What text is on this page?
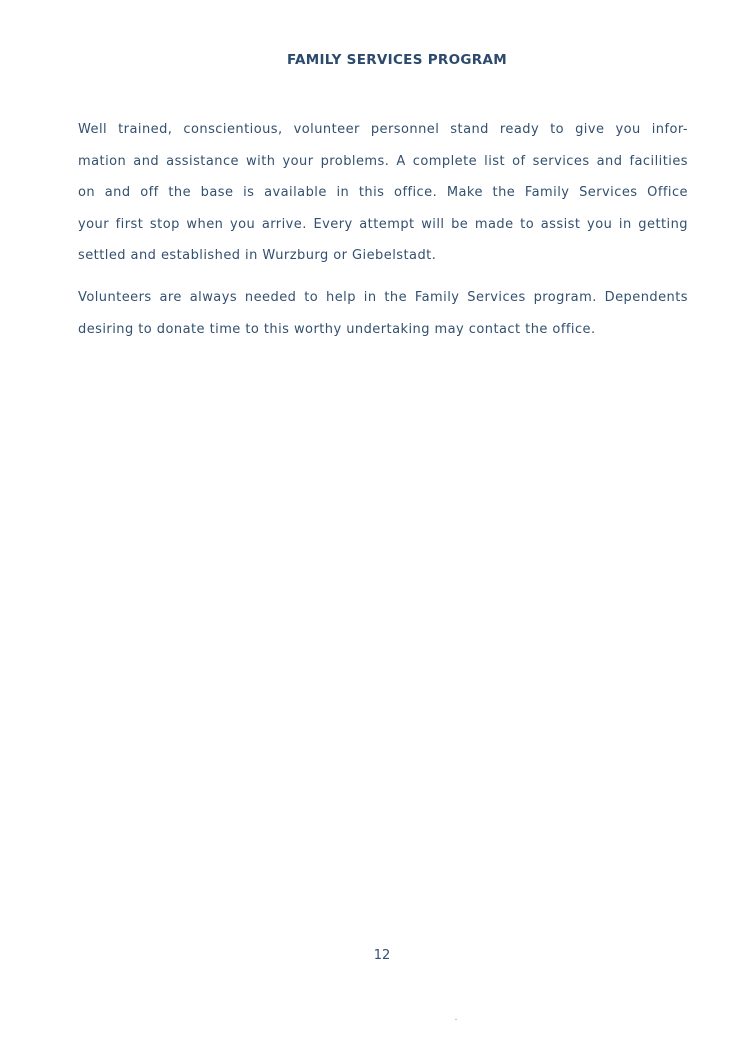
FAMILY SERVICES PROGRAM

Well trained, conscientious, volunteer personnel stand ready to give you infor-
mation and assistance with your problems. A complete list of services and facilities
on and off the base is available in this office. Make the Family Services Office
your first stop when you arrive. Every attempt will be made to assist you in getting
settled and established in Wurzburg or Giebelstadt.

Volunteers are always needed to help in the Family Services program. Dependents
desiring to donate time to this worthy undertaking may contact the office.

12
